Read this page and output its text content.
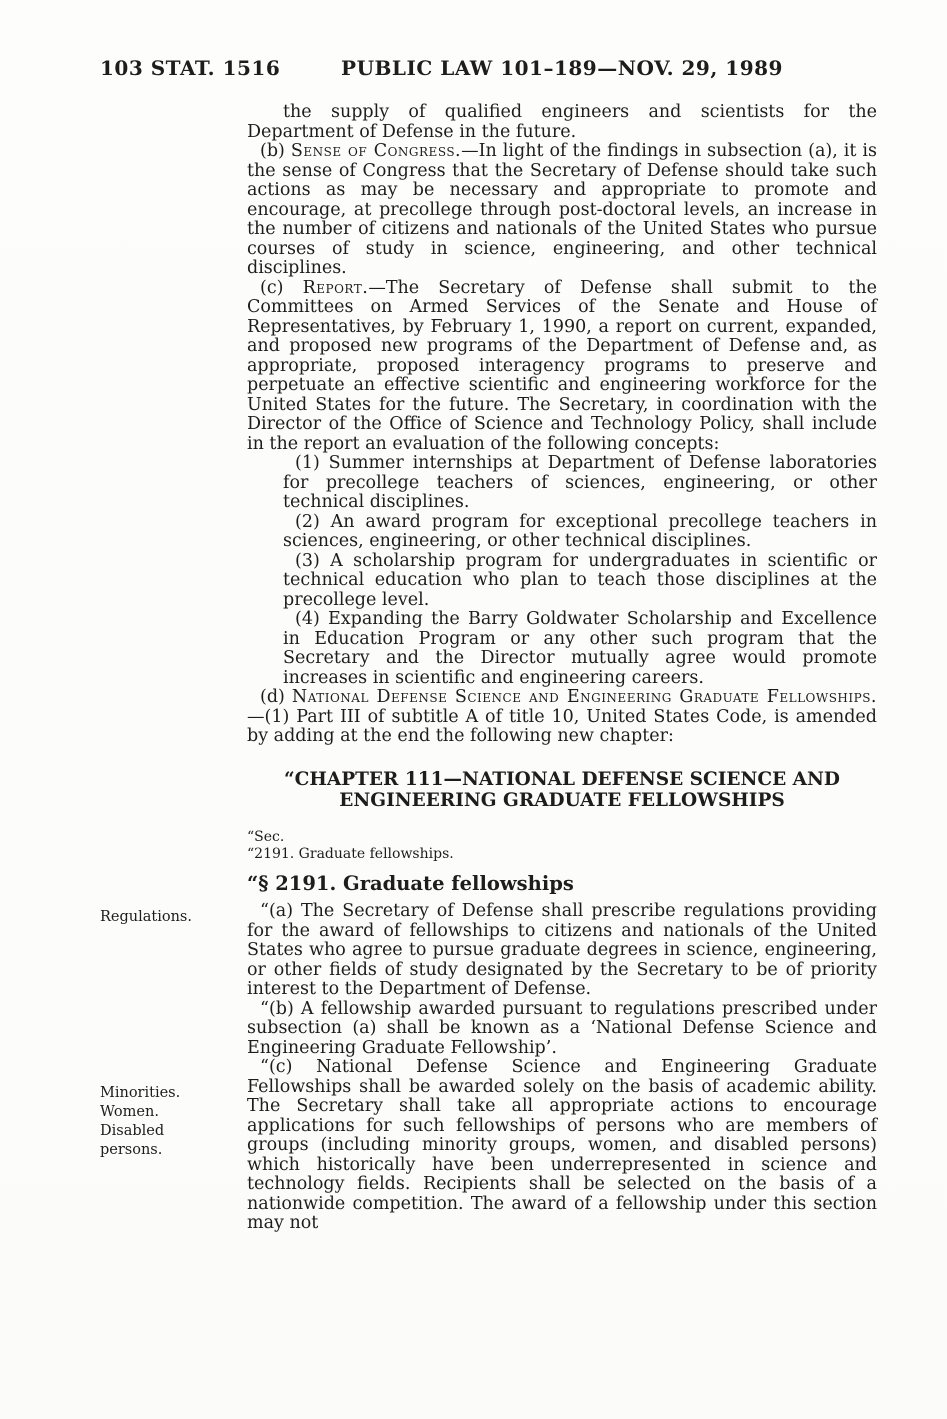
103 STAT. 1516	PUBLIC LAW 101–189—NOV. 29, 1989
Regulations.
Minorities.
Women.
Disabled
persons.

the supply of qualified engineers and scientists for the Department of Defense in the future.

(b) Sense of Congress.—In light of the findings in subsection (a), it is the sense of Congress that the Secretary of Defense should take such actions as may be necessary and appropriate to promote and encourage, at precollege through post-doctoral levels, an increase in the number of citizens and nationals of the United States who pursue courses of study in science, engineering, and other technical disciplines.

(c) Report.—The Secretary of Defense shall submit to the Committees on Armed Services of the Senate and House of Representatives, by February 1, 1990, a report on current, expanded, and proposed new programs of the Department of Defense and, as appropriate, proposed interagency programs to preserve and perpetuate an effective scientific and engineering workforce for the United States for the future. The Secretary, in coordination with the Director of the Office of Science and Technology Policy, shall include in the report an evaluation of the following concepts:

(1) Summer internships at Department of Defense laboratories for precollege teachers of sciences, engineering, or other technical disciplines.

(2) An award program for exceptional precollege teachers in sciences, engineering, or other technical disciplines.

(3) A scholarship program for undergraduates in scientific or technical education who plan to teach those disciplines at the precollege level.

(4) Expanding the Barry Goldwater Scholarship and Excellence in Education Program or any other such program that the Secretary and the Director mutually agree would promote increases in scientific and engineering careers.

(d) National Defense Science and Engineering Graduate Fellowships.—(1) Part III of subtitle A of title 10, United States Code, is amended by adding at the end the following new chapter:

“CHAPTER 111—NATIONAL DEFENSE SCIENCE AND
ENGINEERING GRADUATE FELLOWSHIPS
“Sec.
“2191. Graduate fellowships.
“§ 2191. Graduate fellowships

“(a) The Secretary of Defense shall prescribe regulations providing for the award of fellowships to citizens and nationals of the United States who agree to pursue graduate degrees in science, engineering, or other fields of study designated by the Secretary to be of priority interest to the Department of Defense.

“(b) A fellowship awarded pursuant to regulations prescribed under subsection (a) shall be known as a ‘National Defense Science and Engineering Graduate Fellowship’.

“(c) National Defense Science and Engineering Graduate Fellowships shall be awarded solely on the basis of academic ability. The Secretary shall take all appropriate actions to encourage applications for such fellowships of persons who are members of groups (including minority groups, women, and disabled persons) which historically have been underrepresented in science and technology fields. Recipients shall be selected on the basis of a nationwide competition. The award of a fellowship under this section may not
